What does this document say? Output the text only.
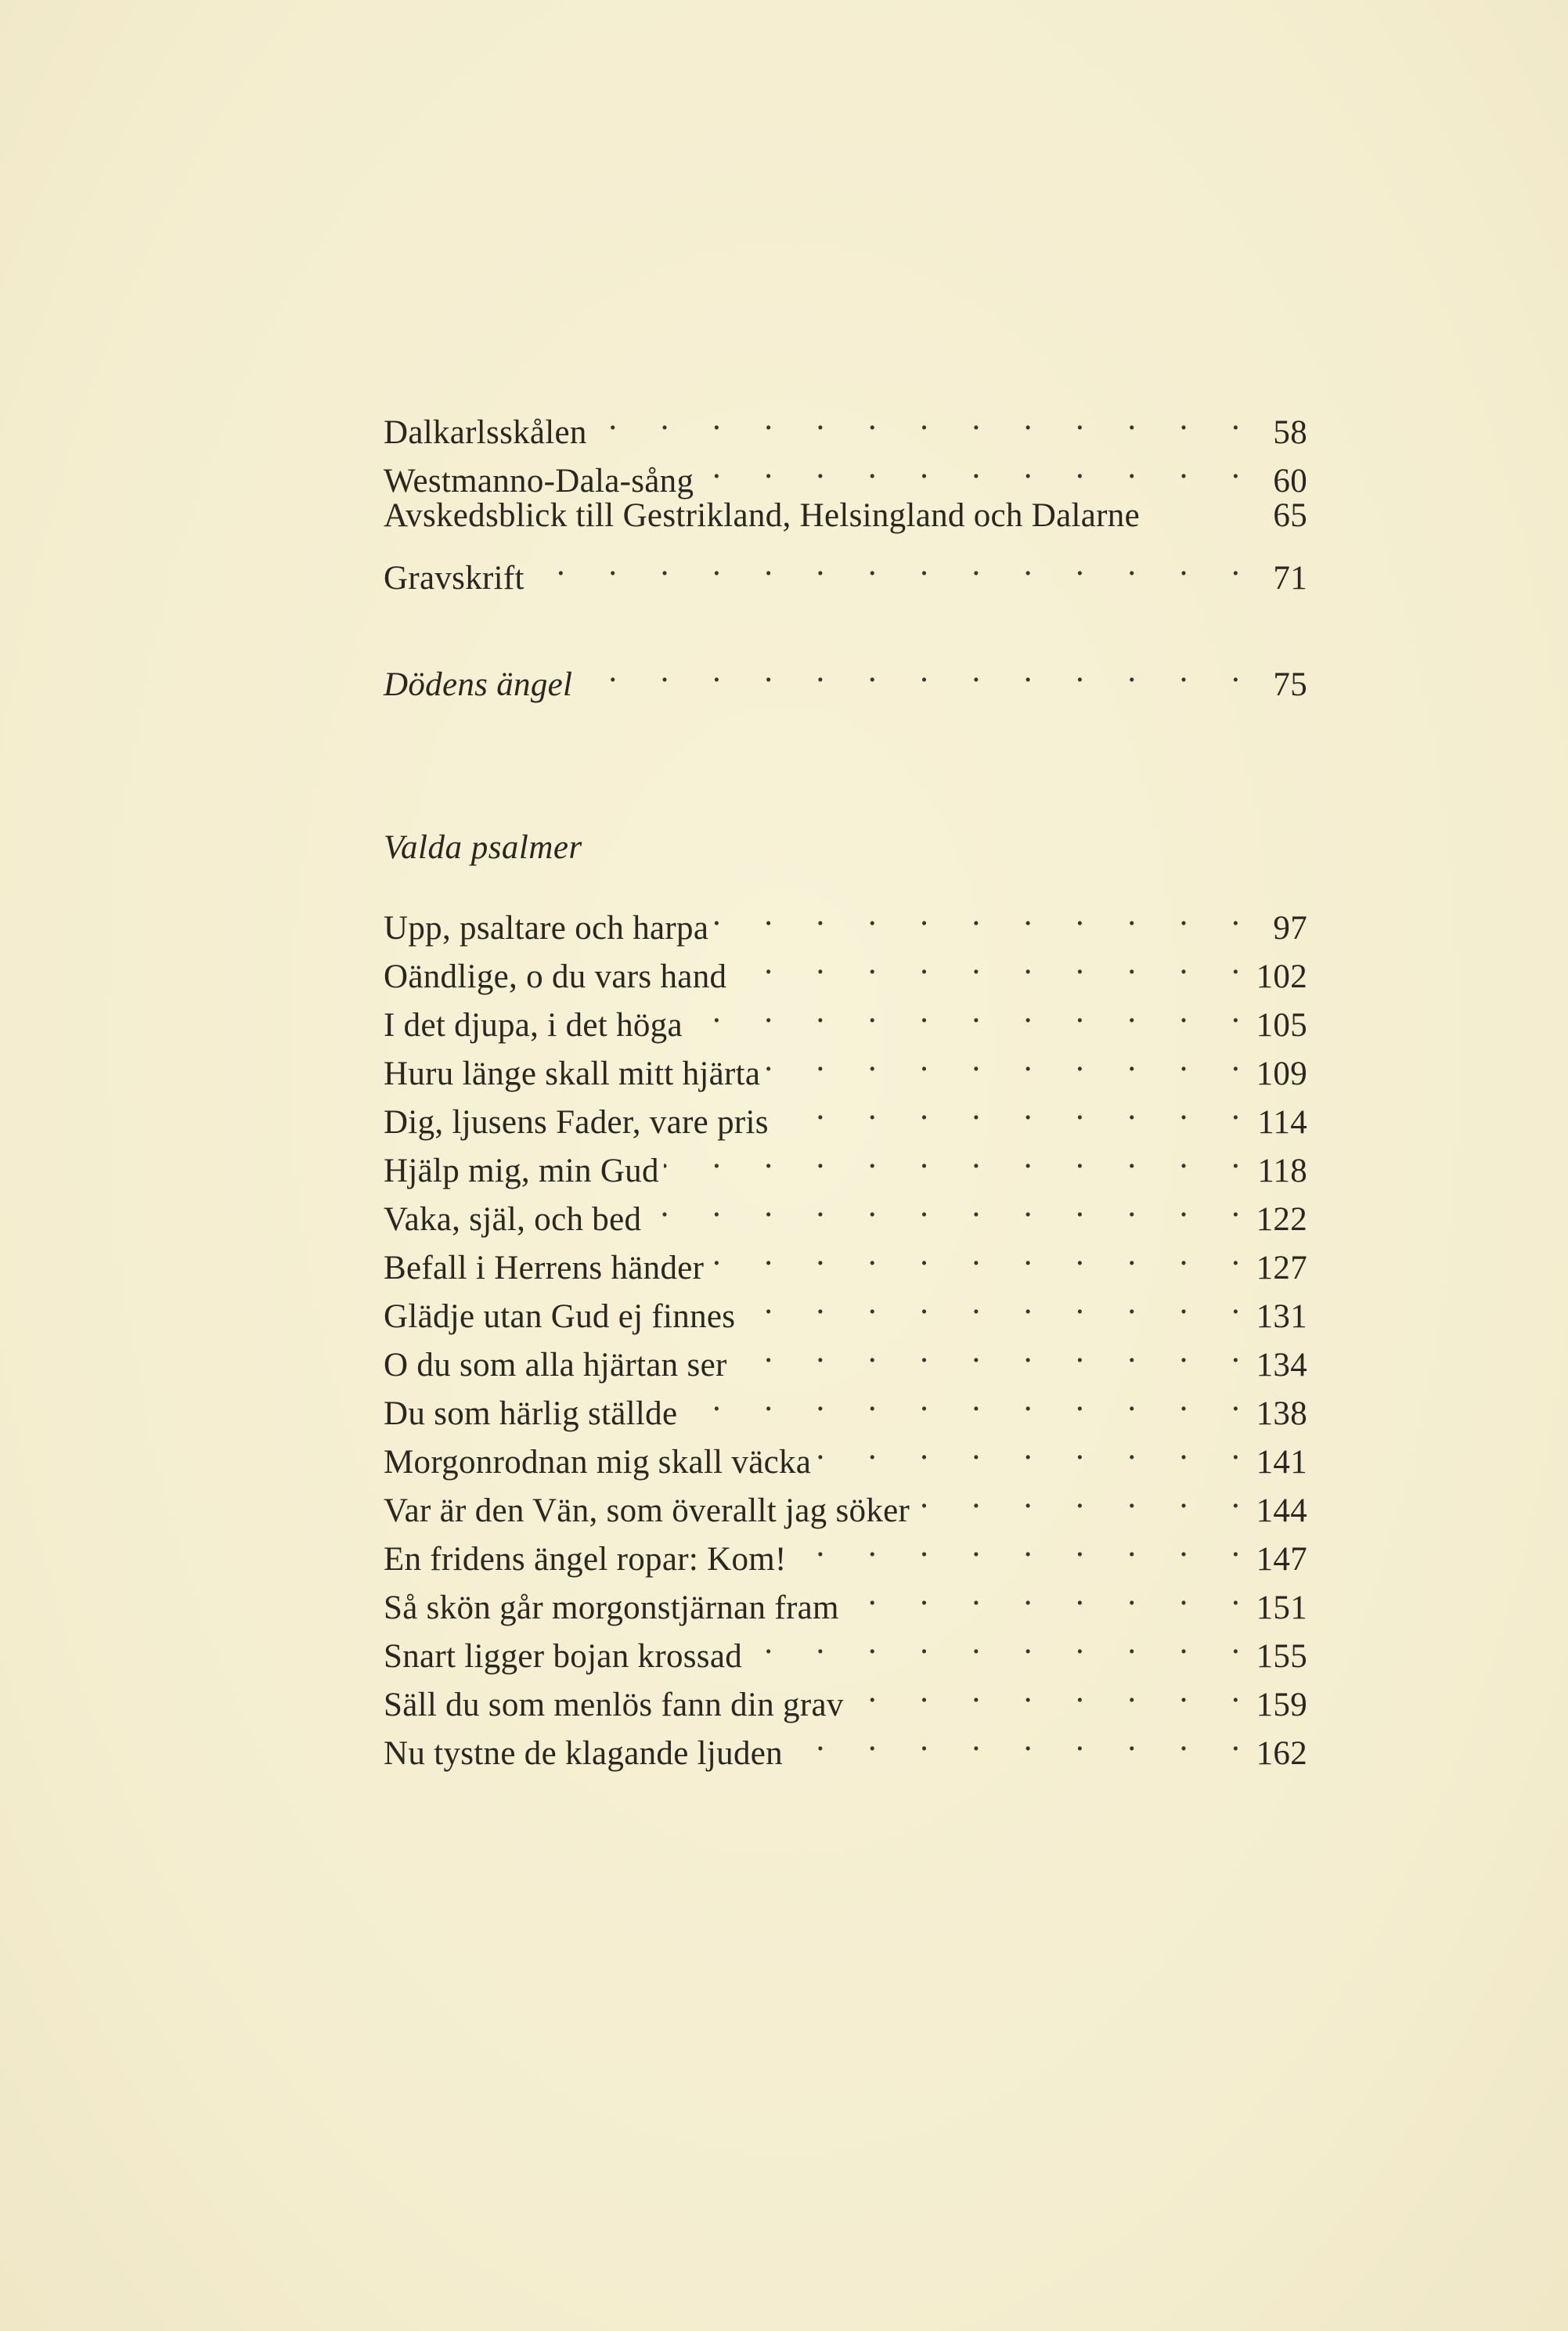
Dalkarlsskålen .	58
Westmanno-Dala-sång .	60
Avskedsblick till Gestrikland, Helsingland och Dalarne	65
Gravskrift .	71
Dödens ängel .	75
Valda psalmer
Upp, psaltare och harpa .	97
Oändlige, o du vars hand .	102
I det djupa, i det höga .	105
Huru länge skall mitt hjärta .	109
Dig, ljusens Fader, vare pris .	114
Hjälp mig, min Gud .	118
Vaka, själ, och bed .	122
Befall i Herrens händer .	127
Glädje utan Gud ej finnes .	131
O du som alla hjärtan ser .	134
Du som härlig ställde .	138
Morgonrodnan mig skall väcka .	141
Var är den Vän, som överallt jag söker .	144
En fridens ängel ropar: Kom! .	147
Så skön går morgonstjärnan fram .	151
Snart ligger bojan krossad .	155
Säll du som menlös fann din grav .	159
Nu tystne de klagande ljuden .	162
